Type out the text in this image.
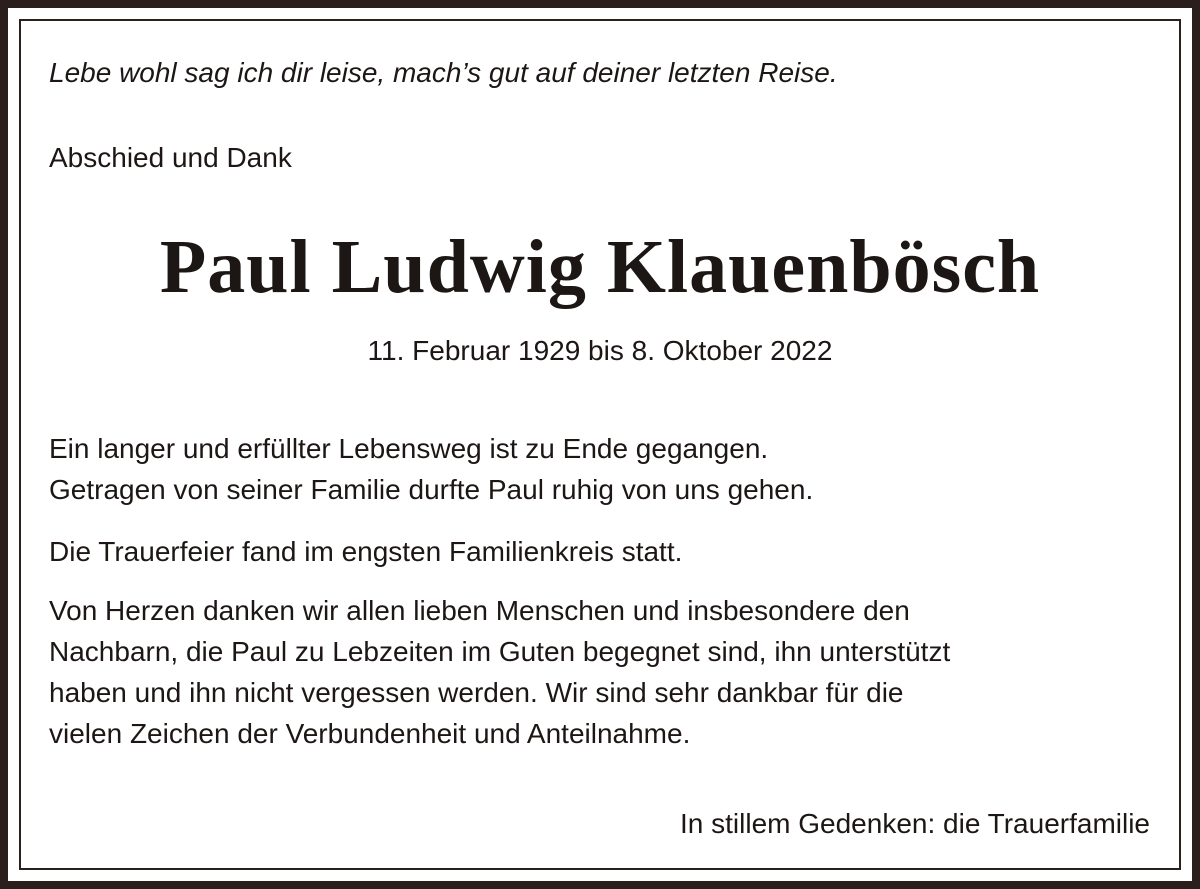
Lebe wohl sag ich dir leise, mach’s gut auf deiner letzten Reise.

Abschied und Dank

Paul Ludwig Klauenbösch

11. Februar 1929 bis 8. Oktober 2022

Ein langer und erfüllter Lebensweg ist zu Ende gegangen.
Getragen von seiner Familie durfte Paul ruhig von uns gehen.
Die Trauerfeier fand im engsten Familienkreis statt.
Von Herzen danken wir allen lieben Menschen und insbesondere den
Nachbarn, die Paul zu Lebzeiten im Guten begegnet sind, ihn unterstützt
haben und ihn nicht vergessen werden. Wir sind sehr dankbar für die
vielen Zeichen der Verbundenheit und Anteilnahme.

In stillem Gedenken: die Trauerfamilie
